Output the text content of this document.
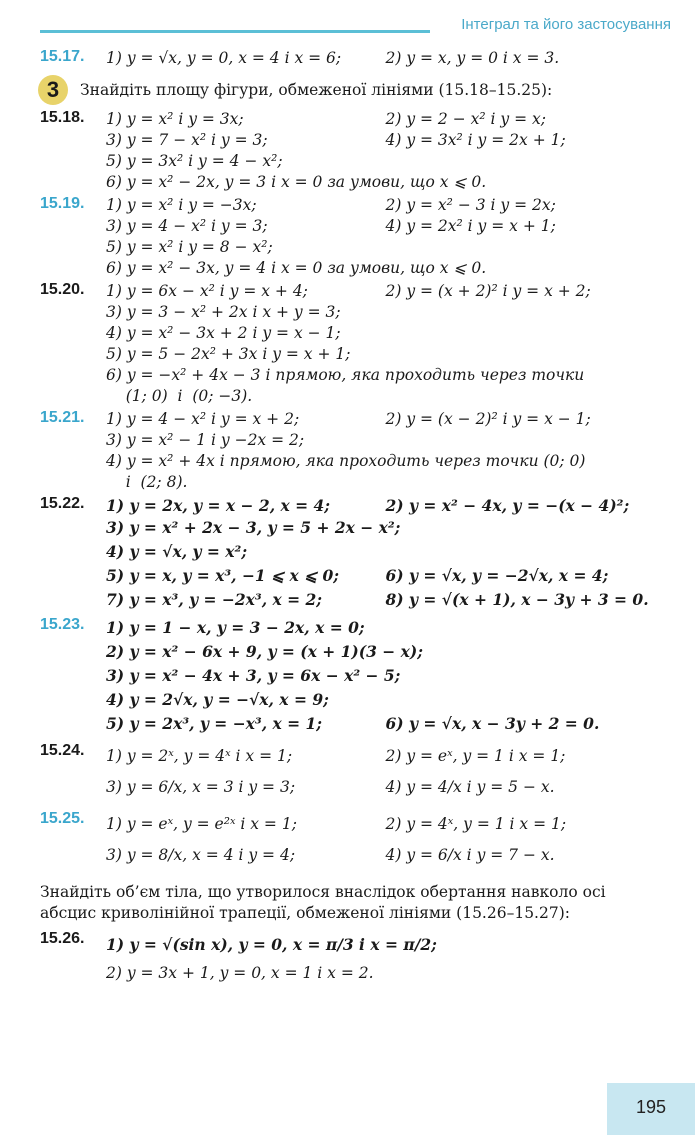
Інтеграл та його застосування
15.17.	1) y = √x, y = 0, x = 4 і x = 6;	2) y = x, y = 0 і x = 3.
3	Знайдіть площу фігури, обмеженої лініями (15.18–15.25):
15.18.	1) y = x² і y = 3x;	2) y = 2 − x² і y = x;
3) y = 7 − x² і y = 3;	4) y = 3x² і y = 2x + 1;
5) y = 3x² і y = 4 − x²;
6) y = x² − 2x, y = 3 і x = 0 за умови, що x ⩽ 0.
15.19.	1) y = x² і y = −3x;	2) y = x² − 3 і y = 2x;
3) y = 4 − x² і y = 3;	4) y = 2x² і y = x + 1;
5) y = x² і y = 8 − x²;
6) y = x² − 3x, y = 4 і x = 0 за умови, що x ⩽ 0.
15.20.	1) y = 6x − x² і y = x + 4;	2) y = (x + 2)² і y = x + 2;
3) y = 3 − x² + 2x і x + y = 3;
4) y = x² − 3x + 2 і y = x − 1;
5) y = 5 − 2x² + 3x і y = x + 1;
6) y = −x² + 4x − 3 і прямою, яка проходить через точки
(1; 0)  і  (0; −3).
15.21.	1) y = 4 − x² і y = x + 2;	2) y = (x − 2)² і y = x − 1;
3) y = x² − 1 і y −2x = 2;
4) y = x² + 4x і прямою, яка проходить через точки (0; 0)
і  (2; 8).
15.22.	1) y = 2x, y = x − 2, x = 4;	2) y = x² − 4x, y = −(x − 4)²;
3) y = x² + 2x − 3, y = 5 + 2x − x²;
4) y = √x, y = x²;
5) y = x, y = x³, −1 ⩽ x ⩽ 0;	6) y = √x, y = −2√x, x = 4;
7) y = x³, y = −2x³, x = 2;	8) y = √(x + 1), x − 3y + 3 = 0.
15.23.	1) y = 1 − x, y = 3 − 2x, x = 0;
2) y = x² − 6x + 9, y = (x + 1)(3 − x);
3) y = x² − 4x + 3, y = 6x − x² − 5;
4) y = 2√x, y = −√x, x = 9;
5) y = 2x³, y = −x³, x = 1;	6) y = √x, x − 3y + 2 = 0.
15.24.	1) y = 2ˣ, y = 4ˣ і x = 1;	2) y = eˣ, y = 1 і x = 1;
3) y = 6/x, x = 3 і y = 3;	4) y = 4/x і y = 5 − x.
15.25.	1) y = eˣ, y = e²ˣ і x = 1;	2) y = 4ˣ, y = 1 і x = 1;
3) y = 8/x, x = 4 і y = 4;	4) y = 6/x і y = 7 − x.
Знайдіть об’єм тіла, що утворилося внаслідок обертання навколо осі абсцис криволінійної трапеції, обмеженої лініями (15.26–15.27):
15.26.	1) y = √(sin x), y = 0, x = π/3 і x = π/2;
2) y = 3x + 1, y = 0, x = 1 і x = 2.
195
